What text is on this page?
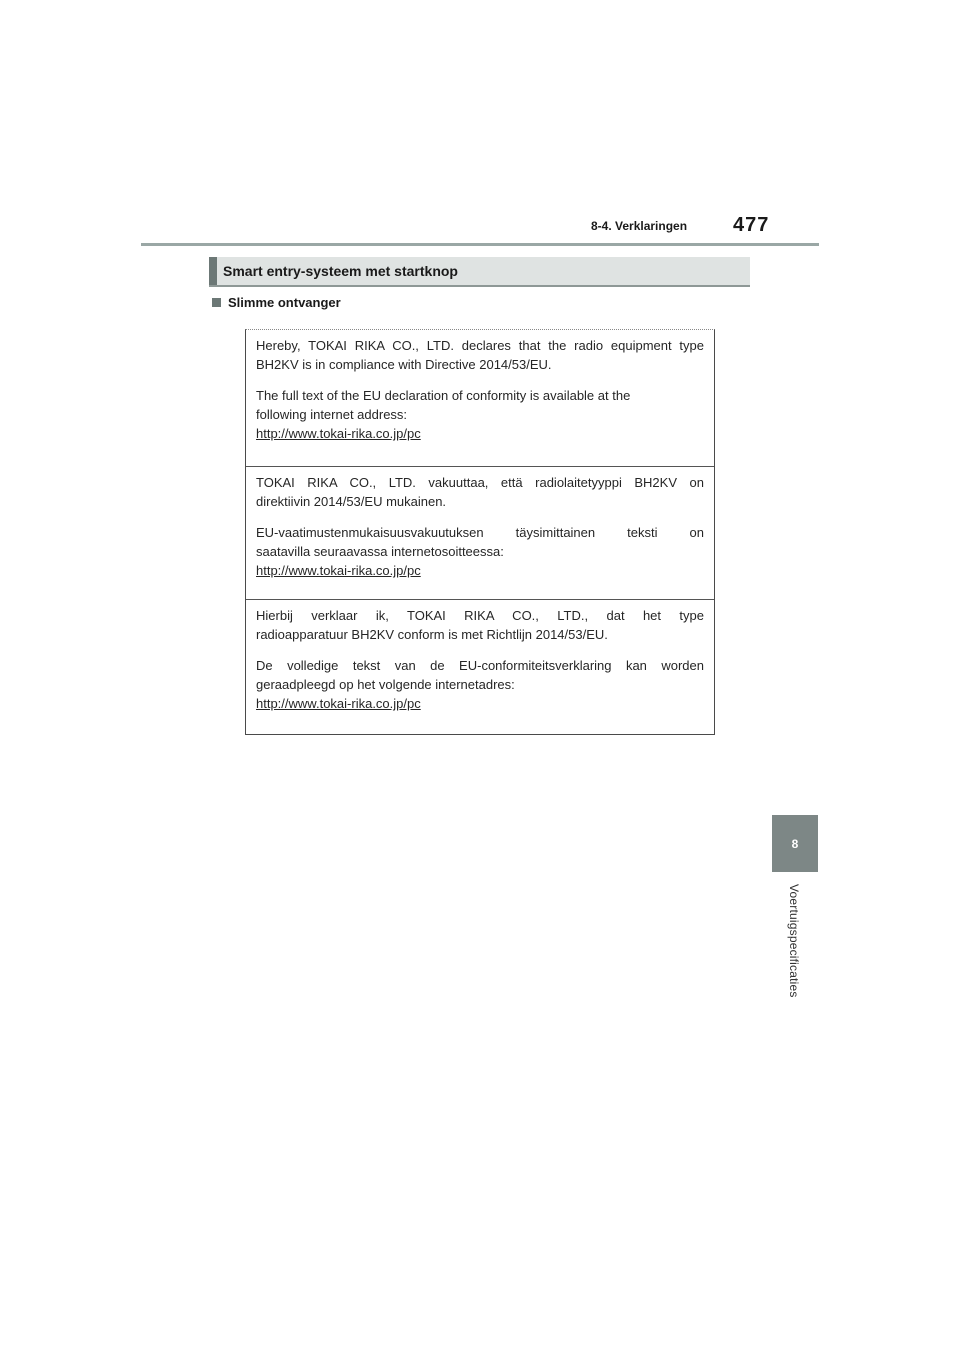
8-4. Verklaringen 477
Smart entry-systeem met startknop
Slimme ontvanger

Hereby, TOKAI RIKA CO., LTD. declares that the radio equipment type

BH2KV is in compliance with Directive 2014/53/EU.

The full text of the EU declaration of conformity is available at the

following internet address:

http://www.tokai-rika.co.jp/pc

TOKAI RIKA CO., LTD. vakuuttaa, että radiolaitetyyppi BH2KV on

direktiivin 2014/53/EU mukainen.

EU-vaatimustenmukaisuusvakuutuksen täysimittainen teksti on

saatavilla seuraavassa internetosoitteessa:

http://www.tokai-rika.co.jp/pc

Hierbij verklaar ik, TOKAI RIKA CO., LTD., dat het type

radioapparatuur BH2KV conform is met Richtlijn 2014/53/EU.

De volledige tekst van de EU-conformiteitsverklaring kan worden

geraadpleegd op het volgende internetadres:

http://www.tokai-rika.co.jp/pc

8
Voertuigspecificaties
